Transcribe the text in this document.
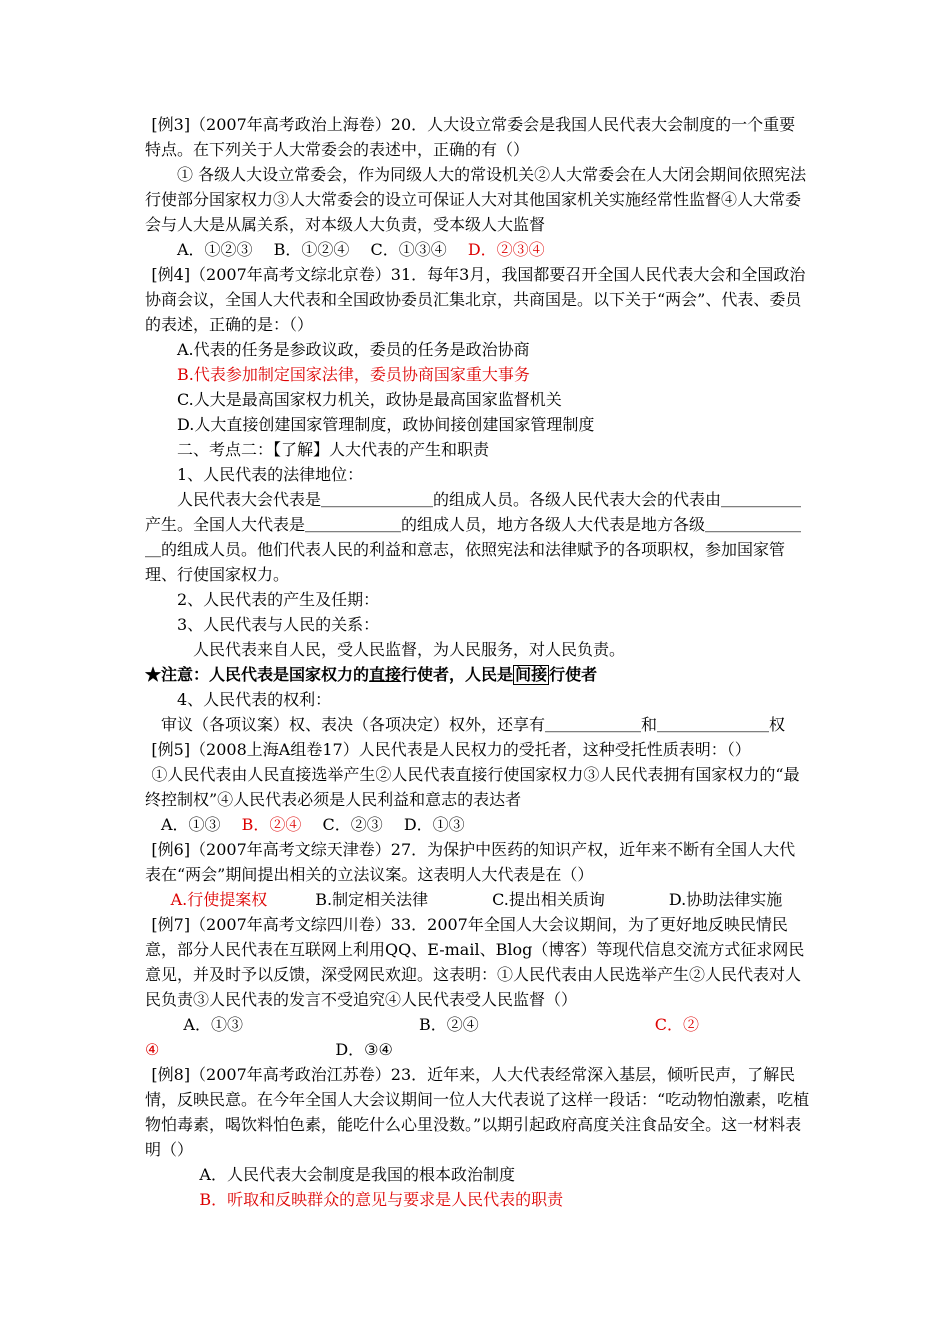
[例3]（2007年高考政治上海卷）20．人大设立常委会是我国人民代表大会制度的一个重要特点。在下列关于人大常委会的表述中，正确的有（）

① 各级人大设立常委会，作为同级人大的常设机关②人大常委会在人大闭会期间依照宪法行使部分国家权力③人大常委会的设立可保证人大对其他国家机关实施经常性监督④人大常委会与人大是从属关系，对本级人大负责，受本级人大监督

A．①②③　 B．①②④　 C．①③④　 D．②③④

[例4]（2007年高考文综北京卷）31．每年3月，我国都要召开全国人民代表大会和全国政治协商会议，全国人大代表和全国政协委员汇集北京，共商国是。以下关于“两会”、代表、委员的表述，正确的是：（）

A.代表的任务是参政议政，委员的任务是政治协商

B.代表参加制定国家法律，委员协商国家重大事务

C.人大是最高国家权力机关，政协是最高国家监督机关

D.人大直接创建国家管理制度，政协间接创建国家管理制度

二、考点二：【了解】人大代表的产生和职责

1、人民代表的法律地位：

人民代表大会代表是＿＿＿＿＿＿＿的组成人员。各级人民代表大会的代表由＿＿＿＿＿产生。全国人大代表是＿＿＿＿＿＿的组成人员，地方各级人大代表是地方各级＿＿＿＿＿＿＿的组成人员。他们代表人民的利益和意志，依照宪法和法律赋予的各项职权，参加国家管理、行使国家权力。

2、人民代表的产生及任期：

3、人民代表与人民的关系：

人民代表来自人民，受人民监督，为人民服务，对人民负责。

★注意：人民代表是国家权力的直接行使者，人民是 间接 行使者

4、人民代表的权利：

审议（各项议案）权、表决（各项决定）权外，还享有＿＿＿＿＿＿和＿＿＿＿＿＿＿权

[例5]（2008上海A组卷17）人民代表是人民权力的受托者，这种受托性质表明：（）

①人民代表由人民直接选举产生②人民代表直接行使国家权力③人民代表拥有国家权力的“最终控制权”④人民代表必须是人民利益和意志的表达者

A．①③　 B．②④　 C．②③　 D．①③

[例6]（2007年高考文综天津卷）27．为保护中医药的知识产权，近年来不断有全国人大代表在“两会”期间提出相关的立法议案。这表明人大代表是在（）

A.行使提案权　　　B.制定相关法律　　　　C.提出相关质询　　　　D.协助法律实施

[例7]（2007年高考文综四川卷）33．2007年全国人大会议期间，为了更好地反映民情民意，部分人民代表在互联网上利用QQ、E-mail、Blog（博客）等现代信息交流方式征求网民意见，并及时予以反馈，深受网民欢迎。这表明：①人民代表由人民选举产生②人民代表对人民负责③人民代表的发言不受追究④人民代表受人民监督（）

A．①③　　　　　　　　　　　B．②④　　　　　　　　　　　C．②

④　　　　　　　　　　　D．③④

[例8]（2007年高考政治江苏卷）23．近年来，人大代表经常深入基层，倾听民声，了解民情，反映民意。在今年全国人大会议期间一位人大代表说了这样一段话：“吃动物怕激素，吃植物怕毒素，喝饮料怕色素，能吃什么心里没数。”以期引起政府高度关注食品安全。这一材料表明（）

A．人民代表大会制度是我国的根本政治制度

B．听取和反映群众的意见与要求是人民代表的职责
